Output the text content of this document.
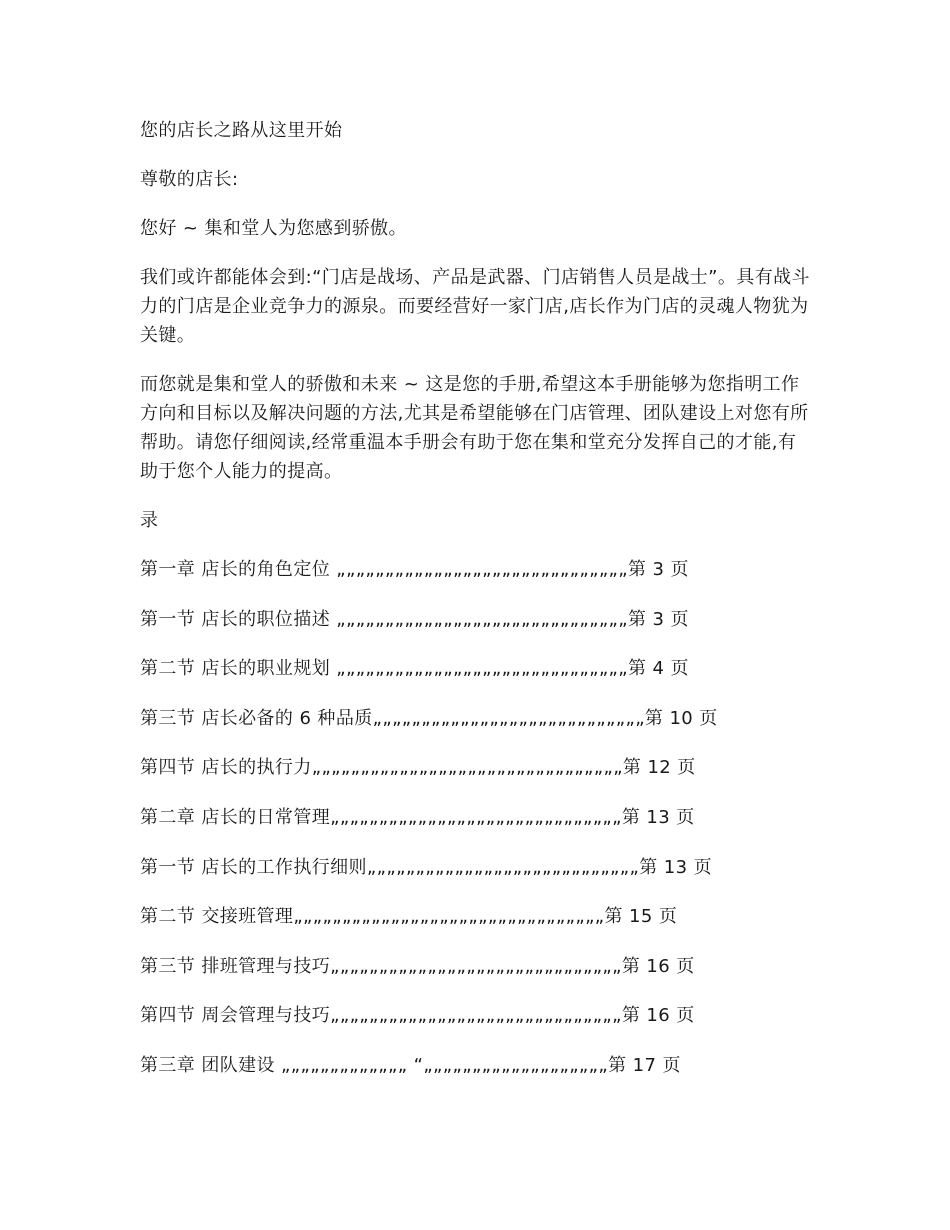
您的店长之路从这里开始

尊敬的店长:

您好 ~ 集和堂人为您感到骄傲。

我们或许都能体会到:“门店是战场、产品是武器、门店销售人员是战士”。具有战斗力的门店是企业竞争力的源泉。而要经营好一家门店,店长作为门店的灵魂人物犹为关键。

而您就是集和堂人的骄傲和未来 ~ 这是您的手册,希望这本手册能够为您指明工作方向和目标以及解决问题的方法,尤其是希望能够在门店管理、团队建设上对您有所帮助。请您仔细阅读,经常重温本手册会有助于您在集和堂充分发挥自己的才能,有助于您个人能力的提高。

录

第一章 店长的角色定位 „„„„„„„„„„„„„„„„„„„„„„„„„„„„„„第 3 页
第一节 店长的职位描述 „„„„„„„„„„„„„„„„„„„„„„„„„„„„„„第 3 页
第二节 店长的职业规划 „„„„„„„„„„„„„„„„„„„„„„„„„„„„„„第 4 页
第三节 店长必备的 6 种品质„„„„„„„„„„„„„„„„„„„„„„„„„„„„第 10 页
第四节 店长的执行力„„„„„„„„„„„„„„„„„„„„„„„„„„„„„„„„第 12 页
第二章 店长的日常管理„„„„„„„„„„„„„„„„„„„„„„„„„„„„„„第 13 页
第一节 店长的工作执行细则„„„„„„„„„„„„„„„„„„„„„„„„„„„„第 13 页
第二节 交接班管理„„„„„„„„„„„„„„„„„„„„„„„„„„„„„„„„第 15 页
第三节 排班管理与技巧„„„„„„„„„„„„„„„„„„„„„„„„„„„„„„第 16 页
第四节 周会管理与技巧„„„„„„„„„„„„„„„„„„„„„„„„„„„„„„第 16 页
第三章 团队建设 „„„„„„„„„„„„„ “„„„„„„„„„„„„„„„„„„„第 17 页
